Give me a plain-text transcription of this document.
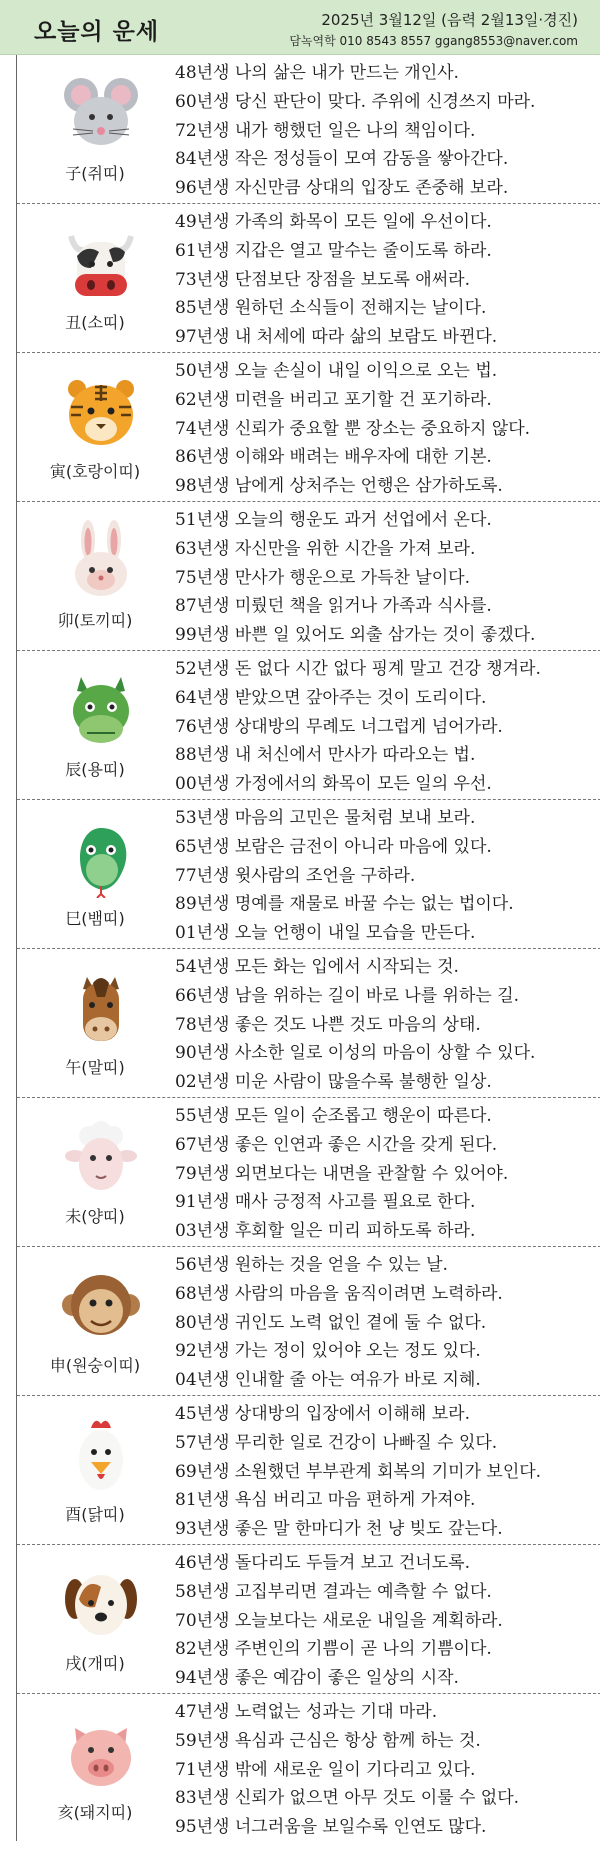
오늘의 운세	2025년 3월12일 (음력 2월13일·경진)
담녹역학 010 8543 8557 ggang8553@naver.com
子(쥐띠)
48년생 나의 삶은 내가 만드는 개인사.
60년생 당신 판단이 맞다. 주위에 신경쓰지 마라.
72년생 내가 행했던 일은 나의 책임이다.
84년생 작은 정성들이 모여 감동을 쌓아간다.
96년생 자신만큼 상대의 입장도 존중해 보라.
丑(소띠)
49년생 가족의 화목이 모든 일에 우선이다.
61년생 지갑은 열고 말수는 줄이도록 하라.
73년생 단점보단 장점을 보도록 애써라.
85년생 원하던 소식들이 전해지는 날이다.
97년생 내 처세에 따라 삶의 보람도 바뀐다.
寅(호랑이띠)
50년생 오늘 손실이 내일 이익으로 오는 법.
62년생 미련을 버리고 포기할 건 포기하라.
74년생 신뢰가 중요할 뿐 장소는 중요하지 않다.
86년생 이해와 배려는 배우자에 대한 기본.
98년생 남에게 상처주는 언행은 삼가하도록.
卯(토끼띠)
51년생 오늘의 행운도 과거 선업에서 온다.
63년생 자신만을 위한 시간을 가져 보라.
75년생 만사가 행운으로 가득찬 날이다.
87년생 미뤘던 책을 읽거나 가족과 식사를.
99년생 바쁜 일 있어도 외출 삼가는 것이 좋겠다.
辰(용띠)
52년생 돈 없다 시간 없다 핑계 말고 건강 챙겨라.
64년생 받았으면 갚아주는 것이 도리이다.
76년생 상대방의 무례도 너그럽게 넘어가라.
88년생 내 처신에서 만사가 따라오는 법.
00년생 가정에서의 화목이 모든 일의 우선.
巳(뱀띠)
53년생 마음의 고민은 물처럼 보내 보라.
65년생 보람은 금전이 아니라 마음에 있다.
77년생 윗사람의 조언을 구하라.
89년생 명예를 재물로 바꿀 수는 없는 법이다.
01년생 오늘 언행이 내일 모습을 만든다.
午(말띠)
54년생 모든 화는 입에서 시작되는 것.
66년생 남을 위하는 길이 바로 나를 위하는 길.
78년생 좋은 것도 나쁜 것도 마음의 상태.
90년생 사소한 일로 이성의 마음이 상할 수 있다.
02년생 미운 사람이 많을수록 불행한 일상.
未(양띠)
55년생 모든 일이 순조롭고 행운이 따른다.
67년생 좋은 인연과 좋은 시간을 갖게 된다.
79년생 외면보다는 내면을 관찰할 수 있어야.
91년생 매사 긍정적 사고를 필요로 한다.
03년생 후회할 일은 미리 피하도록 하라.
申(원숭이띠)
56년생 원하는 것을 얻을 수 있는 날.
68년생 사람의 마음을 움직이려면 노력하라.
80년생 귀인도 노력 없인 곁에 둘 수 없다.
92년생 가는 정이 있어야 오는 정도 있다.
04년생 인내할 줄 아는 여유가 바로 지혜.
酉(닭띠)
45년생 상대방의 입장에서 이해해 보라.
57년생 무리한 일로 건강이 나빠질 수 있다.
69년생 소원했던 부부관계 회복의 기미가 보인다.
81년생 욕심 버리고 마음 편하게 가져야.
93년생 좋은 말 한마디가 천 냥 빚도 갚는다.
戌(개띠)
46년생 돌다리도 두들겨 보고 건너도록.
58년생 고집부리면 결과는 예측할 수 없다.
70년생 오늘보다는 새로운 내일을 계획하라.
82년생 주변인의 기쁨이 곧 나의 기쁨이다.
94년생 좋은 예감이 좋은 일상의 시작.
亥(돼지띠)
47년생 노력없는 성과는 기대 마라.
59년생 욕심과 근심은 항상 함께 하는 것.
71년생 밖에 새로운 일이 기다리고 있다.
83년생 신뢰가 없으면 아무 것도 이룰 수 없다.
95년생 너그러움을 보일수록 인연도 많다.
